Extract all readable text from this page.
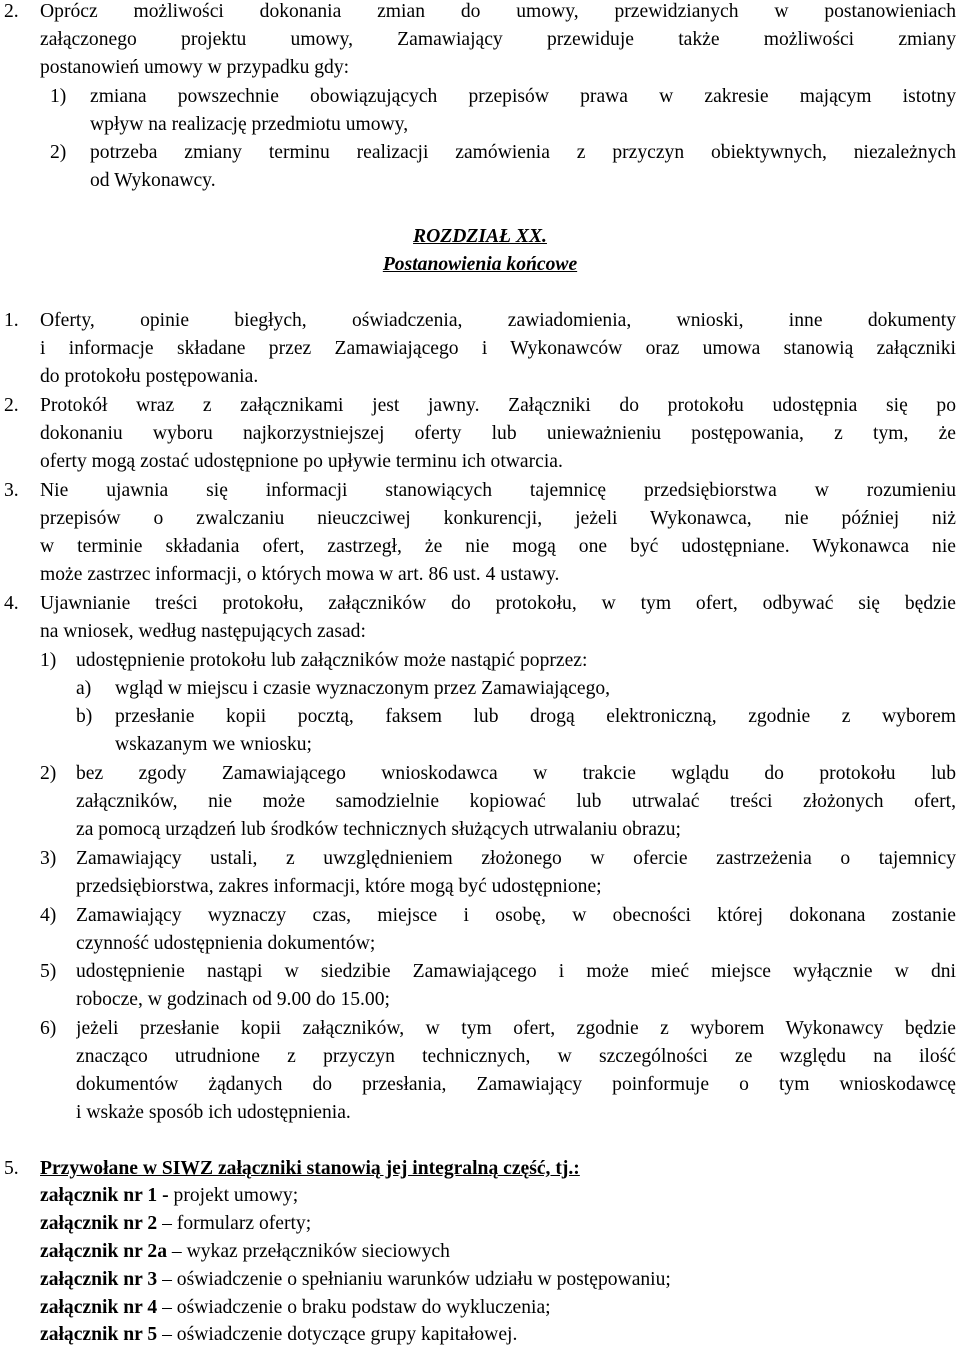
2. Oprócz możliwości dokonania zmian do umowy, przewidzianych w postanowieniach
załączonego projektu umowy, Zamawiający przewiduje także możliwości zmiany
postanowień umowy w przypadku gdy:
1) zmiana powszechnie obowiązujących przepisów prawa w zakresie mającym istotny
wpływ na realizację przedmiotu umowy,
2) potrzeba zmiany terminu realizacji zamówienia z przyczyn obiektywnych, niezależnych
od Wykonawcy.
ROZDZIAŁ XX.
Postanowienia końcowe
1. Oferty, opinie biegłych, oświadczenia, zawiadomienia, wnioski, inne dokumenty
i informacje składane przez Zamawiającego i Wykonawców oraz umowa stanowią załączniki
do protokołu postępowania.
2. Protokół wraz z załącznikami jest jawny. Załączniki do protokołu udostępnia się po
dokonaniu wyboru najkorzystniejszej oferty lub unieważnieniu postępowania, z tym, że
oferty mogą zostać udostępnione po upływie terminu ich otwarcia.
3. Nie ujawnia się informacji stanowiących tajemnicę przedsiębiorstwa w rozumieniu
przepisów o zwalczaniu nieuczciwej konkurencji, jeżeli Wykonawca, nie później niż
w terminie składania ofert, zastrzegł, że nie mogą one być udostępniane. Wykonawca nie
może zastrzec informacji, o których mowa w art. 86 ust. 4 ustawy.
4. Ujawnianie treści protokołu, załączników do protokołu, w tym ofert, odbywać się będzie
na wniosek, według następujących zasad:
1) udostępnienie protokołu lub załączników może nastąpić poprzez:
a) wgląd w miejscu i czasie wyznaczonym przez Zamawiającego,
b) przesłanie kopii pocztą, faksem lub drogą elektroniczną, zgodnie z wyborem
wskazanym we wniosku;
2) bez zgody Zamawiającego wnioskodawca w trakcie wglądu do protokołu lub
załączników, nie może samodzielnie kopiować lub utrwalać treści złożonych ofert,
za pomocą urządzeń lub środków technicznych służących utrwalaniu obrazu;
3) Zamawiający ustali, z uwzględnieniem złożonego w ofercie zastrzeżenia o tajemnicy
przedsiębiorstwa, zakres informacji, które mogą być udostępnione;
4) Zamawiający wyznaczy czas, miejsce i osobę, w obecności której dokonana zostanie
czynność udostępnienia dokumentów;
5) udostępnienie nastąpi w siedzibie Zamawiającego i może mieć miejsce wyłącznie w dni
robocze, w godzinach od 9.00 do 15.00;
6) jeżeli przesłanie kopii załączników, w tym ofert, zgodnie z wyborem Wykonawcy będzie
znacząco utrudnione z przyczyn technicznych, w szczególności ze względu na ilość
dokumentów żądanych do przesłania, Zamawiający poinformuje o tym wnioskodawcę
i wskaże sposób ich udostępnienia.
5. Przywołane w SIWZ załączniki stanowią jej integralną część, tj.:
załącznik nr 1 - projekt umowy;
załącznik nr 2 – formularz oferty;
załącznik nr 2a – wykaz przełączników sieciowych
załącznik nr 3 – oświadczenie o spełnianiu warunków udziału w postępowaniu;
załącznik nr 4 – oświadczenie o braku podstaw do wykluczenia;
załącznik nr 5 – oświadczenie dotyczące grupy kapitałowej.
